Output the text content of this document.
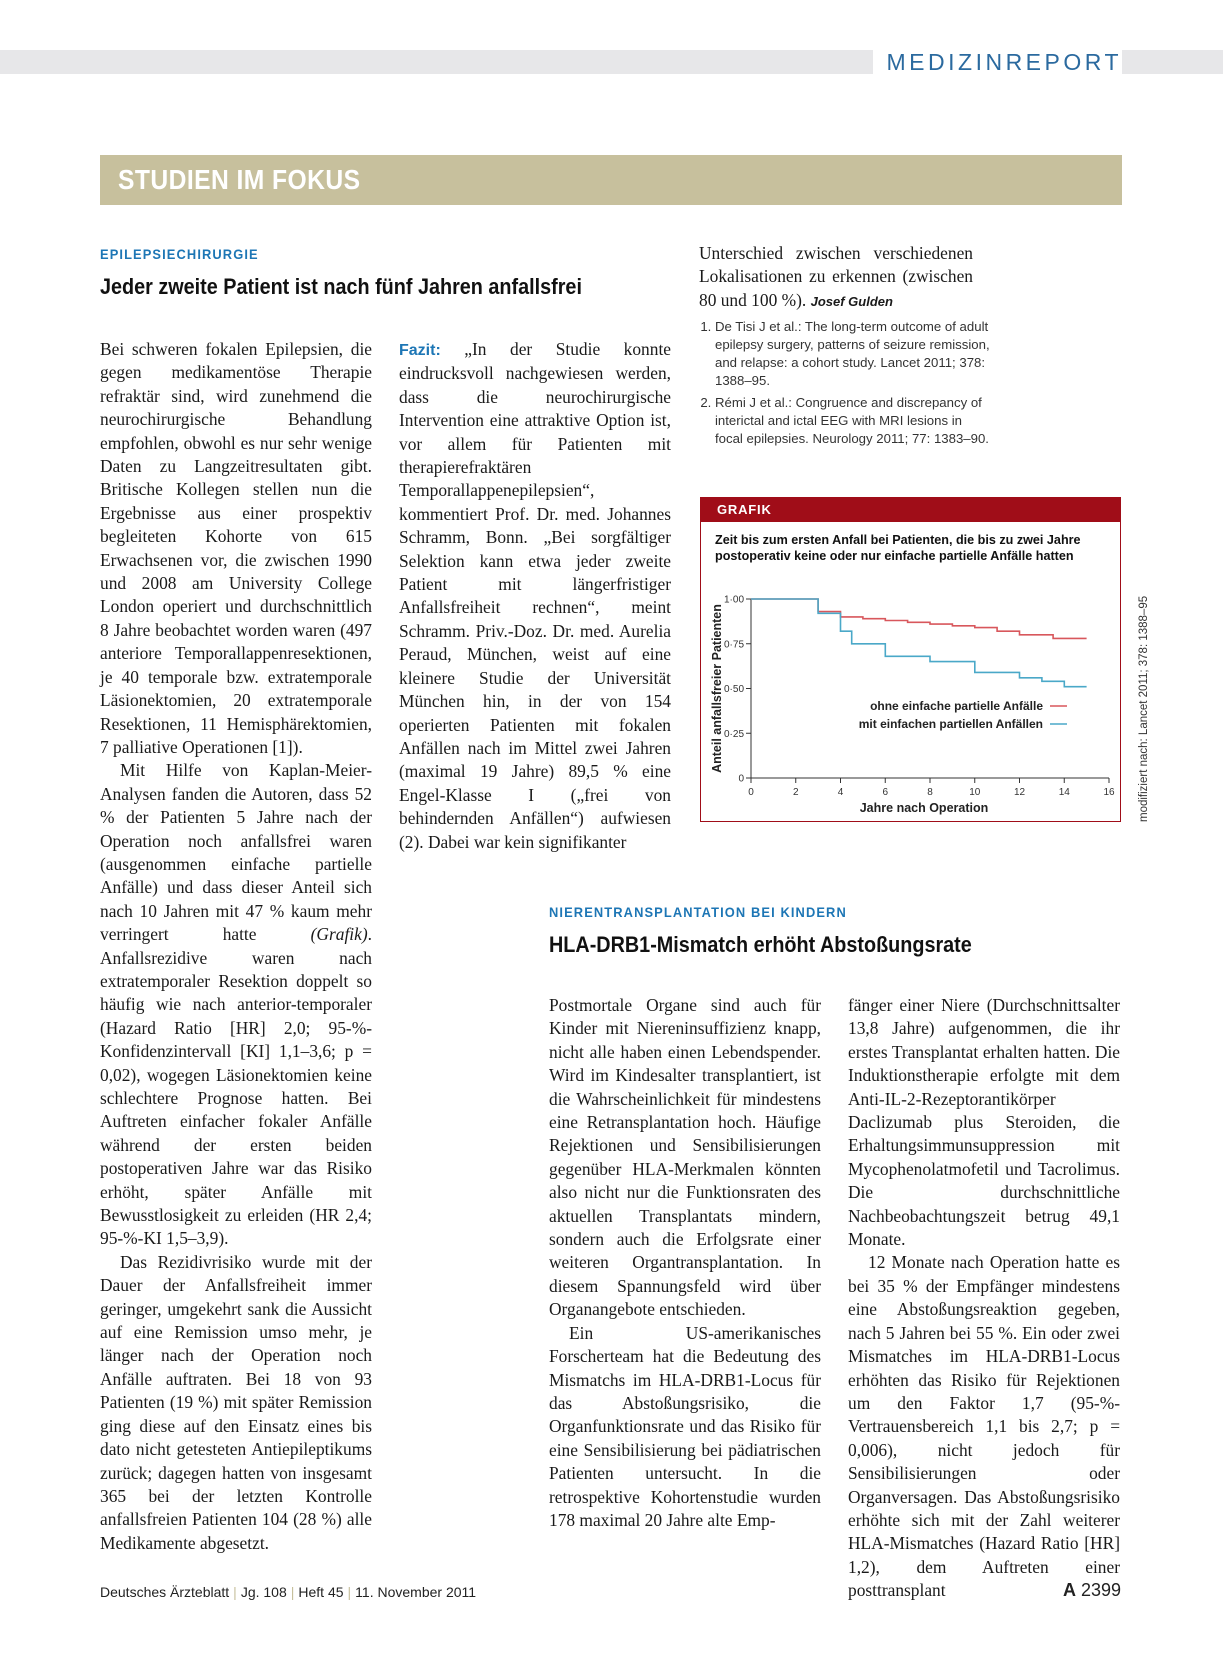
MEDIZINREPORT
STUDIEN IM FOKUS
EPILEPSIECHIRURGIE
Jeder zweite Patient ist nach fünf Jahren anfallsfrei

Bei schweren fokalen Epilepsien, die gegen medikamentöse Therapie refraktär sind, wird zunehmend die neurochirurgische Behandlung empfohlen, obwohl es nur sehr wenige Daten zu Langzeitresultaten gibt. Britische Kollegen stellen nun die Ergebnisse aus einer prospektiv begleiteten Kohorte von 615 Erwachsenen vor, die zwischen 1990 und 2008 am University College London operiert und durchschnittlich 8 Jahre beobachtet worden waren (497 anteriore Temporallappenresektionen, je 40 temporale bzw. extratemporale Läsionektomien, 20 extratemporale Resektionen, 11 Hemisphärektomien, 7 palliative Operationen [1]).

Mit Hilfe von Kaplan-Meier-Analysen fanden die Autoren, dass 52 % der Patienten 5 Jahre nach der Operation noch anfallsfrei waren (ausgenommen einfache partielle Anfälle) und dass dieser Anteil sich nach 10 Jahren mit 47 % kaum mehr verringert hatte	(Grafik). Anfallsrezidive waren nach extratemporaler Resektion doppelt so häufig wie nach anterior-temporaler (Hazard Ratio [HR] 2,0; 95-%-Konfidenzintervall [KI] 1,1–3,6; p = 0,02), wogegen Läsionektomien keine schlechtere Prognose hatten. Bei Auftreten einfacher fokaler Anfälle während der ersten beiden postoperativen Jahre war das Risiko erhöht, später Anfälle mit Bewusstlosigkeit zu erleiden (HR 2,4; 95-%-KI 1,5–3,9).

Das Rezidivrisiko wurde mit der Dauer der Anfallsfreiheit immer geringer, umgekehrt sank die Aussicht auf eine Remission umso mehr, je länger nach der Operation noch Anfälle auftraten. Bei 18 von 93 Patienten (19 %) mit später Remission ging diese auf den Einsatz eines bis dato nicht getesteten Antiepileptikums zurück; dagegen hatten von insgesamt 365 bei der letzten Kontrolle anfallsfreien Patienten 104 (28 %) alle Medikamente abgesetzt.

Fazit: „In der Studie konnte eindrucksvoll nachgewiesen werden, dass die neurochirurgische Intervention eine attraktive Option ist, vor allem für Patienten mit therapierefraktären Temporallappenepilepsien“, kommentiert Prof. Dr. med. Johannes Schramm, Bonn. „Bei sorgfältiger Selektion kann etwa jeder zweite Patient mit längerfristiger Anfallsfreiheit rechnen“, meint Schramm. Priv.-Doz. Dr. med. Aurelia Peraud, München, weist auf eine kleinere Studie der Universität München hin, in der von 154 operierten Patienten mit fokalen Anfällen nach im Mittel zwei Jahren (maximal 19 Jahre) 89,5 % eine Engel-Klasse I („frei von behindernden Anfällen“) aufwiesen (2). Dabei war kein signifikanter

Unterschied zwischen verschiedenen Lokalisationen zu erkennen (zwischen 80 und 100 %). Josef Gulden

1. De Tisi J et al.: The long-term outcome of adult epilepsy surgery, patterns of seizure remission, and relapse: a cohort study. Lancet 2011; 378: 1388–95.
2. Rémi J et al.: Congruence and discrepancy of interictal and ictal EEG with MRI lesions in focal epilepsies. Neurology 2011; 77: 1383–90.
GRAFIK
Zeit bis zum ersten Anfall bei Patienten, die bis zu zwei Jahre postoperativ keine oder nur einfache partielle Anfälle hatten
0	2	4	6	8	10	12	14	16
0
0·25
0·50
0·75
1·00
ohne einfache partielle Anfälle
mit einfachen partiellen Anfällen
Anteil anfallsfreier Patienten
Jahre nach Operation	modifiziert nach: Lancet 2011; 378: 1388–95
NIERENTRANSPLANTATION BEI KINDERN
HLA-DRB1-Mismatch erhöht Abstoßungsrate

Postmortale Organe sind auch für Kinder mit Niereninsuffizienz knapp, nicht alle haben einen Lebendspender. Wird im Kindesalter transplantiert, ist die Wahrscheinlichkeit für mindestens eine Retransplantation hoch. Häufige Rejektionen und Sensibilisierungen gegenüber HLA-Merkmalen könnten also nicht nur die Funktionsraten des aktuellen Transplantats mindern, sondern auch die Erfolgsrate einer weiteren Organtransplantation. In diesem Spannungsfeld wird über Organangebote entschieden.

Ein US-amerikanisches Forscherteam hat die Bedeutung des Mismatchs im HLA-DRB1-Locus für das Abstoßungsrisiko, die Organfunktionsrate und das Risiko für eine Sensibilisierung bei pädiatrischen Patienten untersucht. In die retrospektive Kohortenstudie wurden 178 maximal 20 Jahre alte Emp-

fänger einer Niere (Durchschnittsalter 13,8 Jahre) aufgenommen, die ihr erstes Transplantat erhalten hatten. Die Induktionstherapie erfolgte mit dem Anti-IL-2-Rezeptorantikörper Daclizumab plus Steroiden, die Erhaltungsimmunsuppression mit Mycophenolatmofetil und Tacrolimus. Die durchschnittliche Nachbeobachtungszeit betrug 49,1 Monate.

12 Monate nach Operation hatte es bei 35 % der Empfänger mindestens eine Abstoßungsreaktion gegeben, nach 5 Jahren bei 55 %. Ein oder zwei Mismatches im HLA-DRB1-Locus erhöhten das Risiko für Rejektionen um den Faktor 1,7 (95-%-Vertrauensbereich 1,1 bis 2,7; p = 0,006), nicht jedoch für Sensibilisierungen oder Organversagen. Das Abstoßungsrisiko erhöhte sich mit der Zahl weiterer HLA-Mismatches (Hazard Ratio [HR] 1,2), dem Auftreten einer posttransplant

Deutsches Ärzteblatt | Jg. 108 | Heft 45 | 11. November 2011	A 2399
